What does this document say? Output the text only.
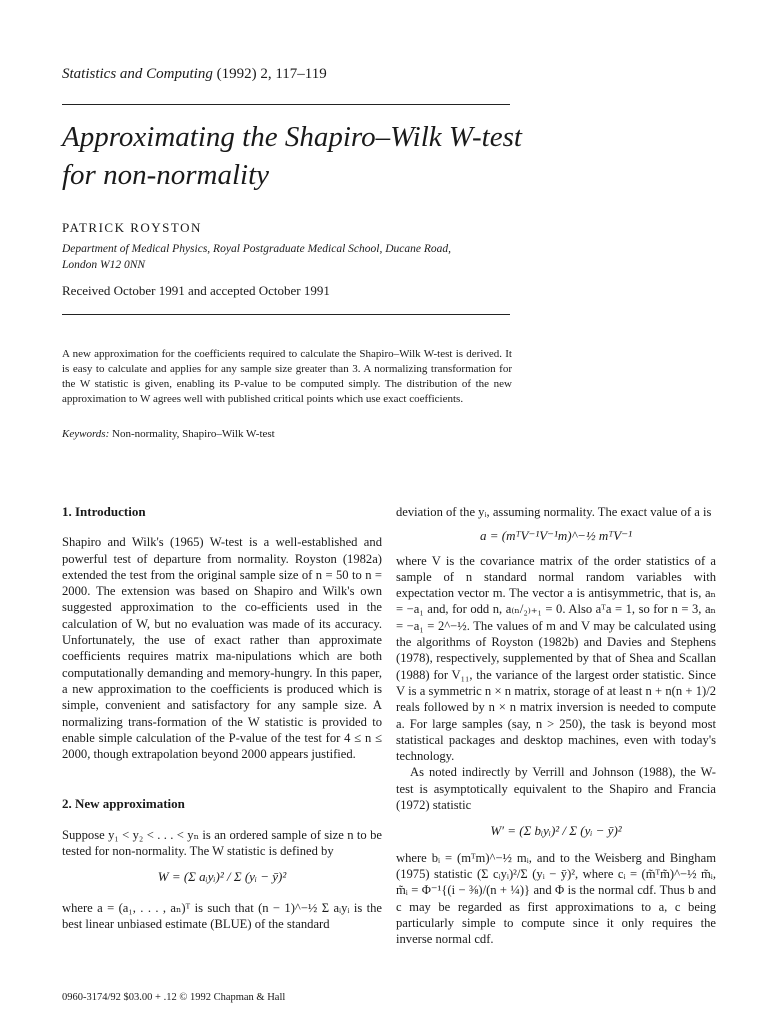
Statistics and Computing (1992) 2, 117–119
Approximating the Shapiro–Wilk W-test
for non-normality
PATRICK ROYSTON
Department of Medical Physics, Royal Postgraduate Medical School, Ducane Road,
London W12 0NN
Received October 1991 and accepted October 1991
A new approximation for the coefficients required to calculate the Shapiro–Wilk W-test is derived. It is easy to calculate and applies for any sample size greater than 3. A normalizing transformation for the W statistic is given, enabling its P-value to be computed simply. The distribution of the new approximation to W agrees well with published critical points which use exact coefficients.
Keywords: Non-normality, Shapiro–Wilk W-test

1. Introduction

Shapiro and Wilk's (1965) W-test is a well-established and powerful test of departure from normality. Royston (1982a) extended the test from the original sample size of n = 50 to n = 2000. The extension was based on Shapiro and Wilk's own suggested approximation to the co-efficients used in the calculation of W, but no evaluation was made of its accuracy. Unfortunately, the use of exact rather than approximate coefficients requires matrix ma-nipulations which are both computationally demanding and memory-hungry. In this paper, a new approximation to the coefficients is produced which is simple, convenient and satisfactory for any sample size. A normalizing trans-formation of the W statistic is provided to enable simple calculation of the P-value of the test for 4 ≤ n ≤ 2000, though extrapolation beyond 2000 appears justified.

2. New approximation

Suppose y₁ < y₂ < . . . < yₙ is an ordered sample of size n to be tested for non-normality. The W statistic is defined by

W = (Σ aᵢyᵢ)² / Σ (yᵢ − ȳ)²

where a = (a₁, . . . , aₙ)ᵀ is such that (n − 1)^−½ Σ aᵢyᵢ is the best linear unbiased estimate (BLUE) of the standard

deviation of the yᵢ, assuming normality. The exact value of a is

a = (mᵀV⁻¹V⁻¹m)^−½ mᵀV⁻¹

where V is the covariance matrix of the order statistics of a sample of n standard normal random variables with expectation vector m. The vector a is antisymmetric, that is, aₙ = −a₁ and, for odd n, a₍ₙ/₂₎₊₁ = 0. Also aᵀa = 1, so for n = 3, aₙ = −a₁ = 2^−½. The values of m and V may be calculated using the algorithms of Royston (1982b) and Davies and Stephens (1978), respectively, supplemented by that of Shea and Scallan (1988) for V₁₁, the variance of the largest order statistic. Since V is a symmetric n × n matrix, storage of at least n + n(n + 1)/2 reals followed by n × n matrix inversion is needed to compute a. For large samples (say, n > 250), the task is beyond most statistical packages and desktop machines, even with today's technology.

As noted indirectly by Verrill and Johnson (1988), the W-test is asymptotically equivalent to the Shapiro and Francia (1972) statistic

W′ = (Σ bᵢyᵢ)² / Σ (yᵢ − ȳ)²

where bᵢ = (mᵀm)^−½ mᵢ, and to the Weisberg and Bingham (1975) statistic (Σ cᵢyᵢ)²/Σ (yᵢ − ȳ)², where cᵢ = (m̃ᵀm̃)^−½ m̃ᵢ, m̃ᵢ = Φ⁻¹{(i − ⅜)/(n + ¼)} and Φ is the normal cdf. Thus b and c may be regarded as first approximations to a, c being particularly simple to compute since it only requires the inverse normal cdf.

0960-3174/92 $03.00 + .12 © 1992 Chapman & Hall
